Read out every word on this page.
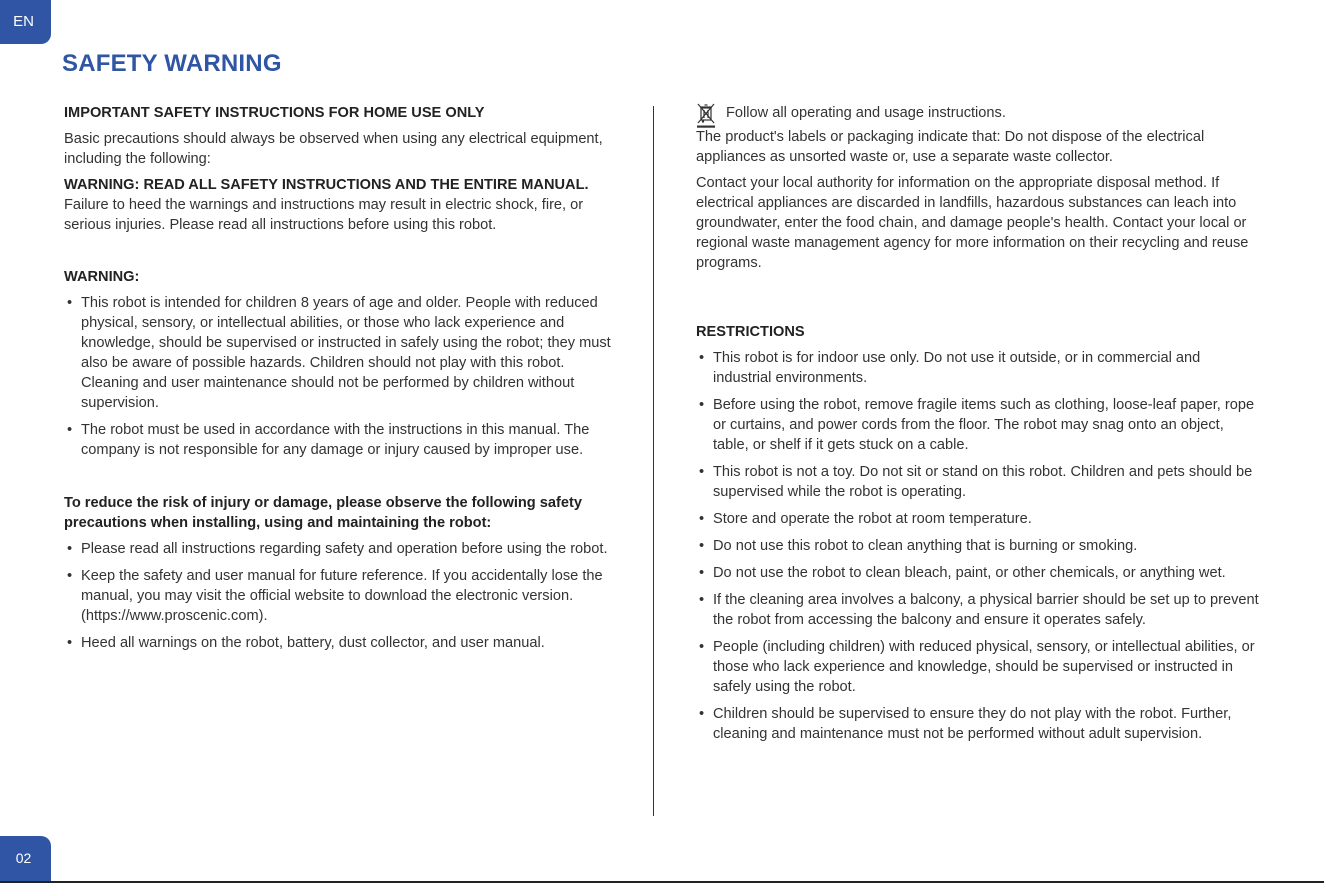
EN
SAFETY WARNING

IMPORTANT SAFETY INSTRUCTIONS FOR HOME USE ONLY

Basic precautions should always be observed when using any electrical equipment, including the following:

WARNING: READ ALL SAFETY INSTRUCTIONS AND THE ENTIRE MANUAL.

Failure to heed the warnings and instructions may result in electric shock, fire, or serious injuries. Please read all instructions before using this robot.

WARNING:

• This robot is intended for children 8 years of age and older. People with reduced physical, sensory, or intellectual abilities, or those who lack experience and knowledge, should be supervised or instructed in safely using the robot; they must also be aware of possible hazards. Children should not play with this robot. Cleaning and user maintenance should not be performed by children without supervision.
• The robot must be used in accordance with the instructions in this manual. The company is not responsible for any damage or injury caused by improper use.

To reduce the risk of injury or damage, please observe the following safety precautions when installing, using and maintaining the robot:

• Please read all instructions regarding safety and operation before using the robot.
• Keep the safety and user manual for future reference. If you accidentally lose the manual, you may visit the official website to download the electronic version. (https://www.proscenic.com).
• Heed all warnings on the robot, battery, dust collector, and user manual.
Follow all operating and usage instructions.

The product's labels or packaging indicate that: Do not dispose of the electrical appliances as unsorted waste or, use a separate waste collector.

Contact your local authority for information on the appropriate disposal method. If electrical appliances are discarded in landfills, hazardous substances can leach into groundwater, enter the food chain, and damage people's health. Contact your local or regional waste management agency for more information on their recycling and reuse programs.

RESTRICTIONS

• This robot is for indoor use only. Do not use it outside, or in commercial and industrial environments.
• Before using the robot, remove fragile items such as clothing, loose-leaf paper, rope or curtains, and power cords from the floor. The robot may snag onto an object, table, or shelf if it gets stuck on a cable.
• This robot is not a toy. Do not sit or stand on this robot. Children and pets should be supervised while the robot is operating.
• Store and operate the robot at room temperature.
• Do not use this robot to clean anything that is burning or smoking.
• Do not use the robot to clean bleach, paint, or other chemicals, or anything wet.
• If the cleaning area involves a balcony, a physical barrier should be set up to prevent the robot from accessing the balcony and ensure it operates safely.
• People (including children) with reduced physical, sensory, or intellectual abilities, or those who lack experience and knowledge, should be supervised or instructed in safely using the robot.
• Children should be supervised to ensure they do not play with the robot. Further, cleaning and maintenance must not be performed without adult supervision.
02
